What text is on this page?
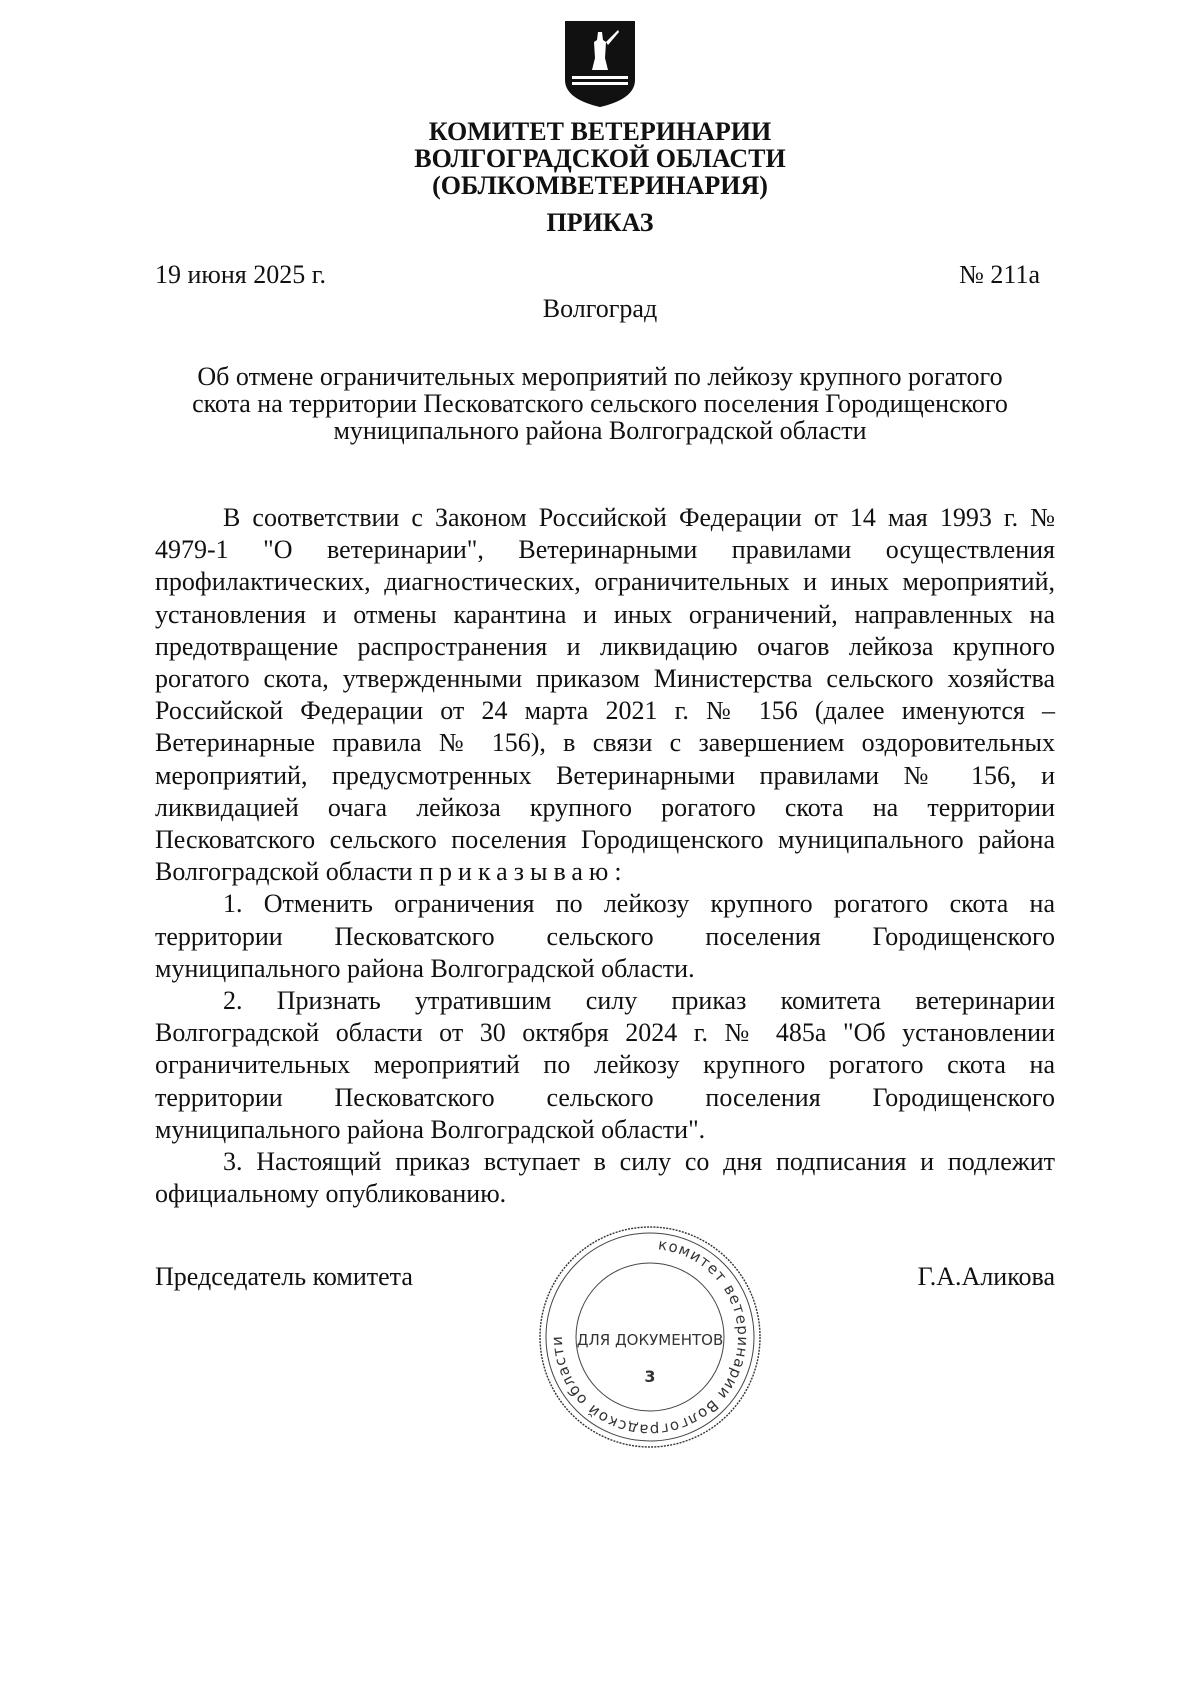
КОМИТЕТ ВЕТЕРИНАРИИ
ВОЛГОГРАДСКОЙ ОБЛАСТИ
(ОБЛКОМВЕТЕРИНАРИЯ)
ПРИКАЗ
19 июня 2025 г.	№ 211а
Волгоград
Об отмене ограничительных мероприятий по лейкозу крупного рогатого
скота на территории Песковатского сельского поселения Городищенского
муниципального района Волгоградской области

В соответствии с Законом Российской Федерации от 14 мая 1993 г. № 4979-1 "О ветеринарии", Ветеринарными правилами осуществления профилактических, диагностических, ограничительных и иных мероприятий, установления и отмены карантина и иных ограничений, направленных на предотвращение распространения и ликвидацию очагов лейкоза крупного рогатого скота, утвержденными приказом Министерства сельского хозяйства Российской Федерации от 24 марта 2021 г. № 156 (далее именуются – Ветеринарные правила № 156), в связи с завершением оздоровительных мероприятий, предусмотренных Ветеринарными правилами № 156, и ликвидацией очага лейкоза крупного рогатого скота на территории Песковатского сельского поселения Городищенского муниципального района Волгоградской области приказываю:

1. Отменить ограничения по лейкозу крупного рогатого скота на территории Песковатского сельского поселения Городищенского муниципального района Волгоградской области.

2. Признать утратившим силу приказ комитета ветеринарии Волгоградской области от 30 октября 2024 г. № 485а "Об установлении ограничительных мероприятий по лейкозу крупного рогатого скота на территории Песковатского сельского поселения Городищенского муниципального района Волгоградской области".

3. Настоящий приказ вступает в силу со дня подписания и подлежит официальному опубликованию.

Председатель комитета	Г.А.Аликова
комитет ветеринарии Волгоградской области ДЛЯ ДОКУМЕНТОВ
3
